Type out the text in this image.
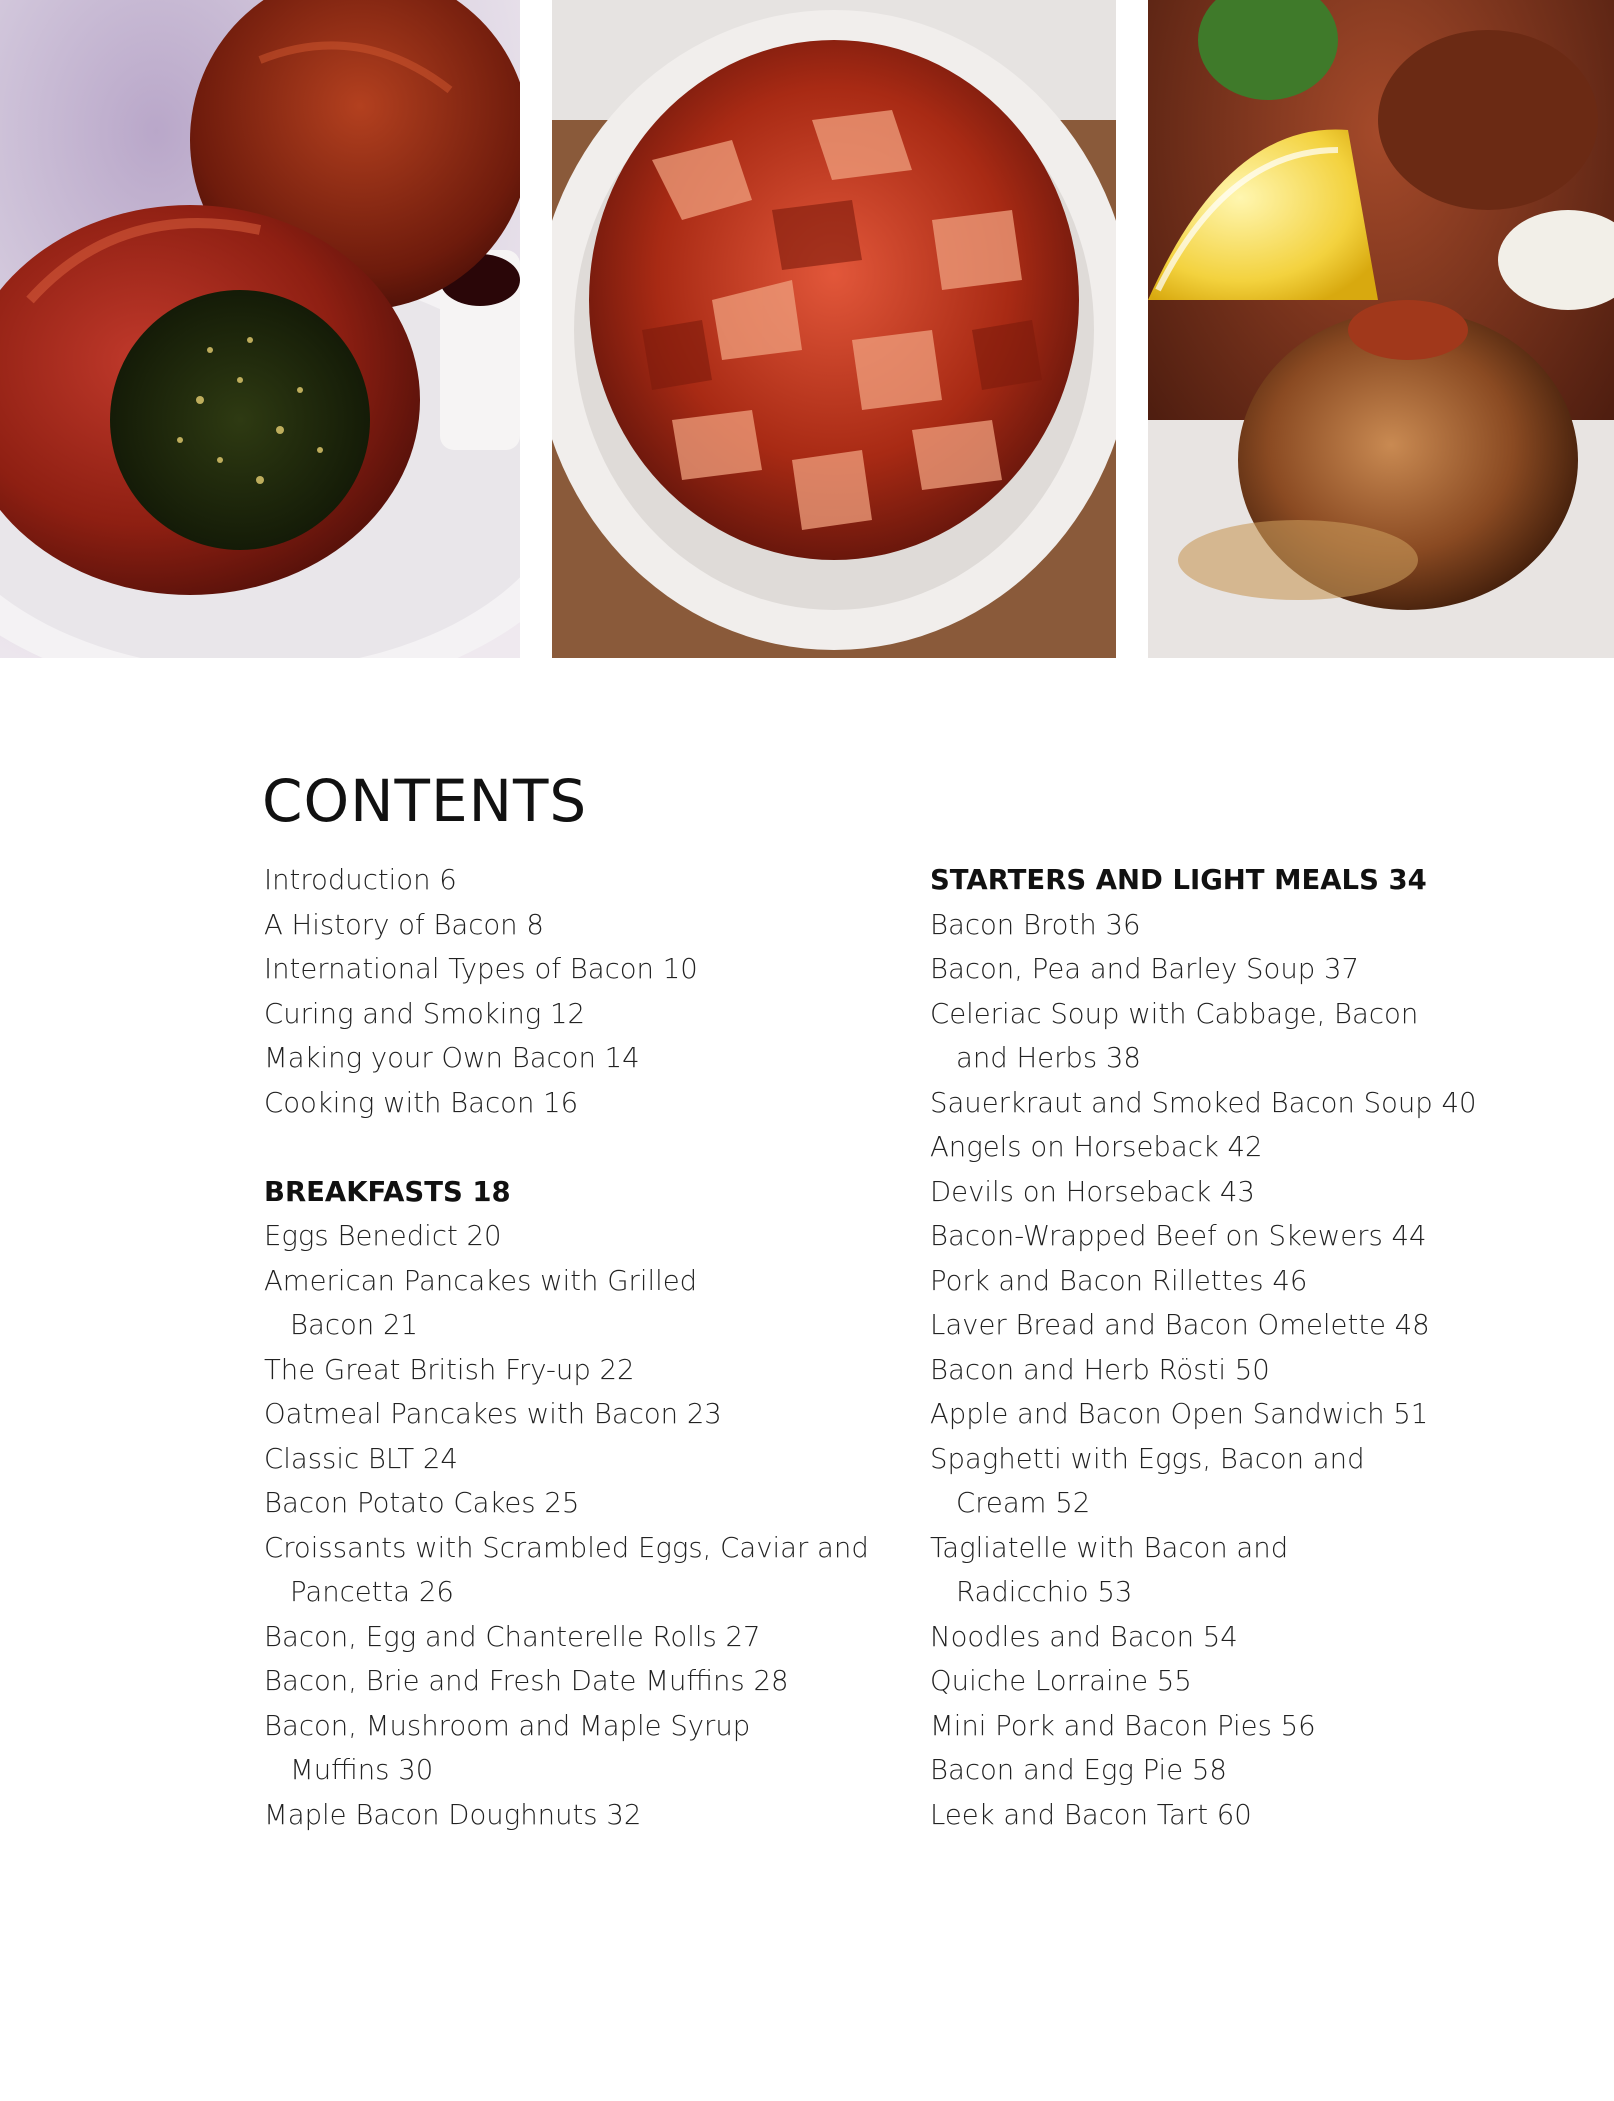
CONTENTS
Introduction 6
A History of Bacon 8
International Types of Bacon 10
Curing and Smoking 12
Making your Own Bacon 14
Cooking with Bacon 16
BREAKFASTS 18
Eggs Benedict 20
American Pancakes with Grilled
Bacon 21
The Great British Fry-up 22
Oatmeal Pancakes with Bacon 23
Classic BLT 24
Bacon Potato Cakes 25
Croissants with Scrambled Eggs, Caviar and
Pancetta 26
Bacon, Egg and Chanterelle Rolls 27
Bacon, Brie and Fresh Date Muffins 28
Bacon, Mushroom and Maple Syrup
Muffins 30
Maple Bacon Doughnuts 32
STARTERS AND LIGHT MEALS 34
Bacon Broth 36
Bacon, Pea and Barley Soup 37
Celeriac Soup with Cabbage, Bacon
and Herbs 38
Sauerkraut and Smoked Bacon Soup 40
Angels on Horseback 42
Devils on Horseback 43
Bacon-Wrapped Beef on Skewers 44
Pork and Bacon Rillettes 46
Laver Bread and Bacon Omelette 48
Bacon and Herb Rösti 50
Apple and Bacon Open Sandwich 51
Spaghetti with Eggs, Bacon and
Cream 52
Tagliatelle with Bacon and
Radicchio 53
Noodles and Bacon 54
Quiche Lorraine 55
Mini Pork and Bacon Pies 56
Bacon and Egg Pie 58
Leek and Bacon Tart 60
